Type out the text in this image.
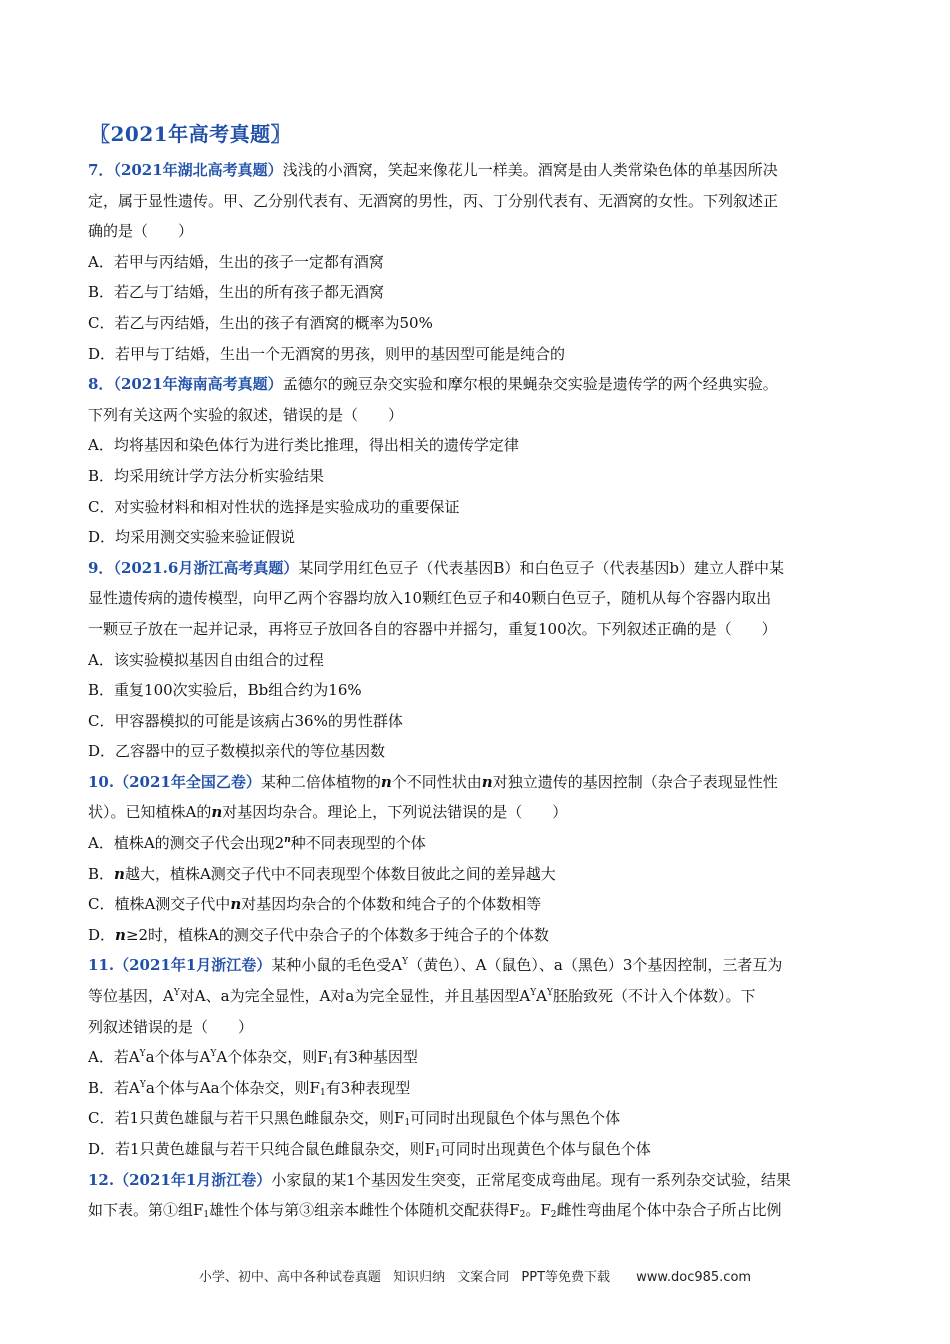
〖2021年高考真题〗
7．（2021年湖北高考真题）浅浅的小酒窝，笑起来像花儿一样美。酒窝是由人类常染色体的单基因所决
定，属于显性遗传。甲、乙分别代表有、无酒窝的男性，丙、丁分别代表有、无酒窝的女性。下列叙述正
确的是（　　）
A．若甲与丙结婚，生出的孩子一定都有酒窝
B．若乙与丁结婚，生出的所有孩子都无酒窝
C．若乙与丙结婚，生出的孩子有酒窝的概率为50%
D．若甲与丁结婚，生出一个无酒窝的男孩，则甲的基因型可能是纯合的
8．（2021年海南高考真题）孟德尔的豌豆杂交实验和摩尔根的果蝇杂交实验是遗传学的两个经典实验。
下列有关这两个实验的叙述，错误的是（　　）
A．均将基因和染色体行为进行类比推理，得出相关的遗传学定律
B．均采用统计学方法分析实验结果
C．对实验材料和相对性状的选择是实验成功的重要保证
D．均采用测交实验来验证假说
9．（2021.6月浙江高考真题）某同学用红色豆子（代表基因B）和白色豆子（代表基因b）建立人群中某
显性遗传病的遗传模型，向甲乙两个容器均放入10颗红色豆子和40颗白色豆子，随机从每个容器内取出
一颗豆子放在一起并记录，再将豆子放回各自的容器中并摇匀，重复100次。下列叙述正确的是（　　）
A．该实验模拟基因自由组合的过程
B．重复100次实验后，Bb组合约为16%
C．甲容器模拟的可能是该病占36%的男性群体
D．乙容器中的豆子数模拟亲代的等位基因数
10.（2021年全国乙卷）某种二倍体植物的n个不同性状由n对独立遗传的基因控制（杂合子表现显性性
状）。已知植株A的n对基因均杂合。理论上，下列说法错误的是（　　）
A．植株A的测交子代会出现2$^n$种不同表现型的个体
B．n越大，植株A测交子代中不同表现型个体数目彼此之间的差异越大
C．植株A测交子代中n对基因均杂合的个体数和纯合子的个体数相等
D．n≥2时，植株A的测交子代中杂合子的个体数多于纯合子的个体数
11.（2021年1月浙江卷）某种小鼠的毛色受$A^Y$（黄色）、A（鼠色）、a（黑色）3个基因控制，三者互为
等位基因，$A^Y$对A、a为完全显性，A对a为完全显性，并且基因型$A^YA^Y$胚胎致死（不计入个体数）。下
列叙述错误的是（　　）
A．若$A^Ya$个体与$A^YA$个体杂交，则$F_1$有3种基因型
B．若$A^Ya$个体与Aa个体杂交，则$F_1$有3种表现型
C．若1只黄色雄鼠与若干只黑色雌鼠杂交，则$F_1$可同时出现鼠色个体与黑色个体
D．若1只黄色雄鼠与若干只纯合鼠色雌鼠杂交，则$F_1$可同时出现黄色个体与鼠色个体
12.（2021年1月浙江卷）小家鼠的某1个基因发生突变，正常尾变成弯曲尾。现有一系列杂交试验，结果
如下表。第①组$F_1$雄性个体与第③组亲本雌性个体随机交配获得$F_2$。$F_2$雌性弯曲尾个体中杂合子所占比例
小学、初中、高中各种试卷真题 知识归纳 文案合同 PPT等免费下载 www.doc985.com
